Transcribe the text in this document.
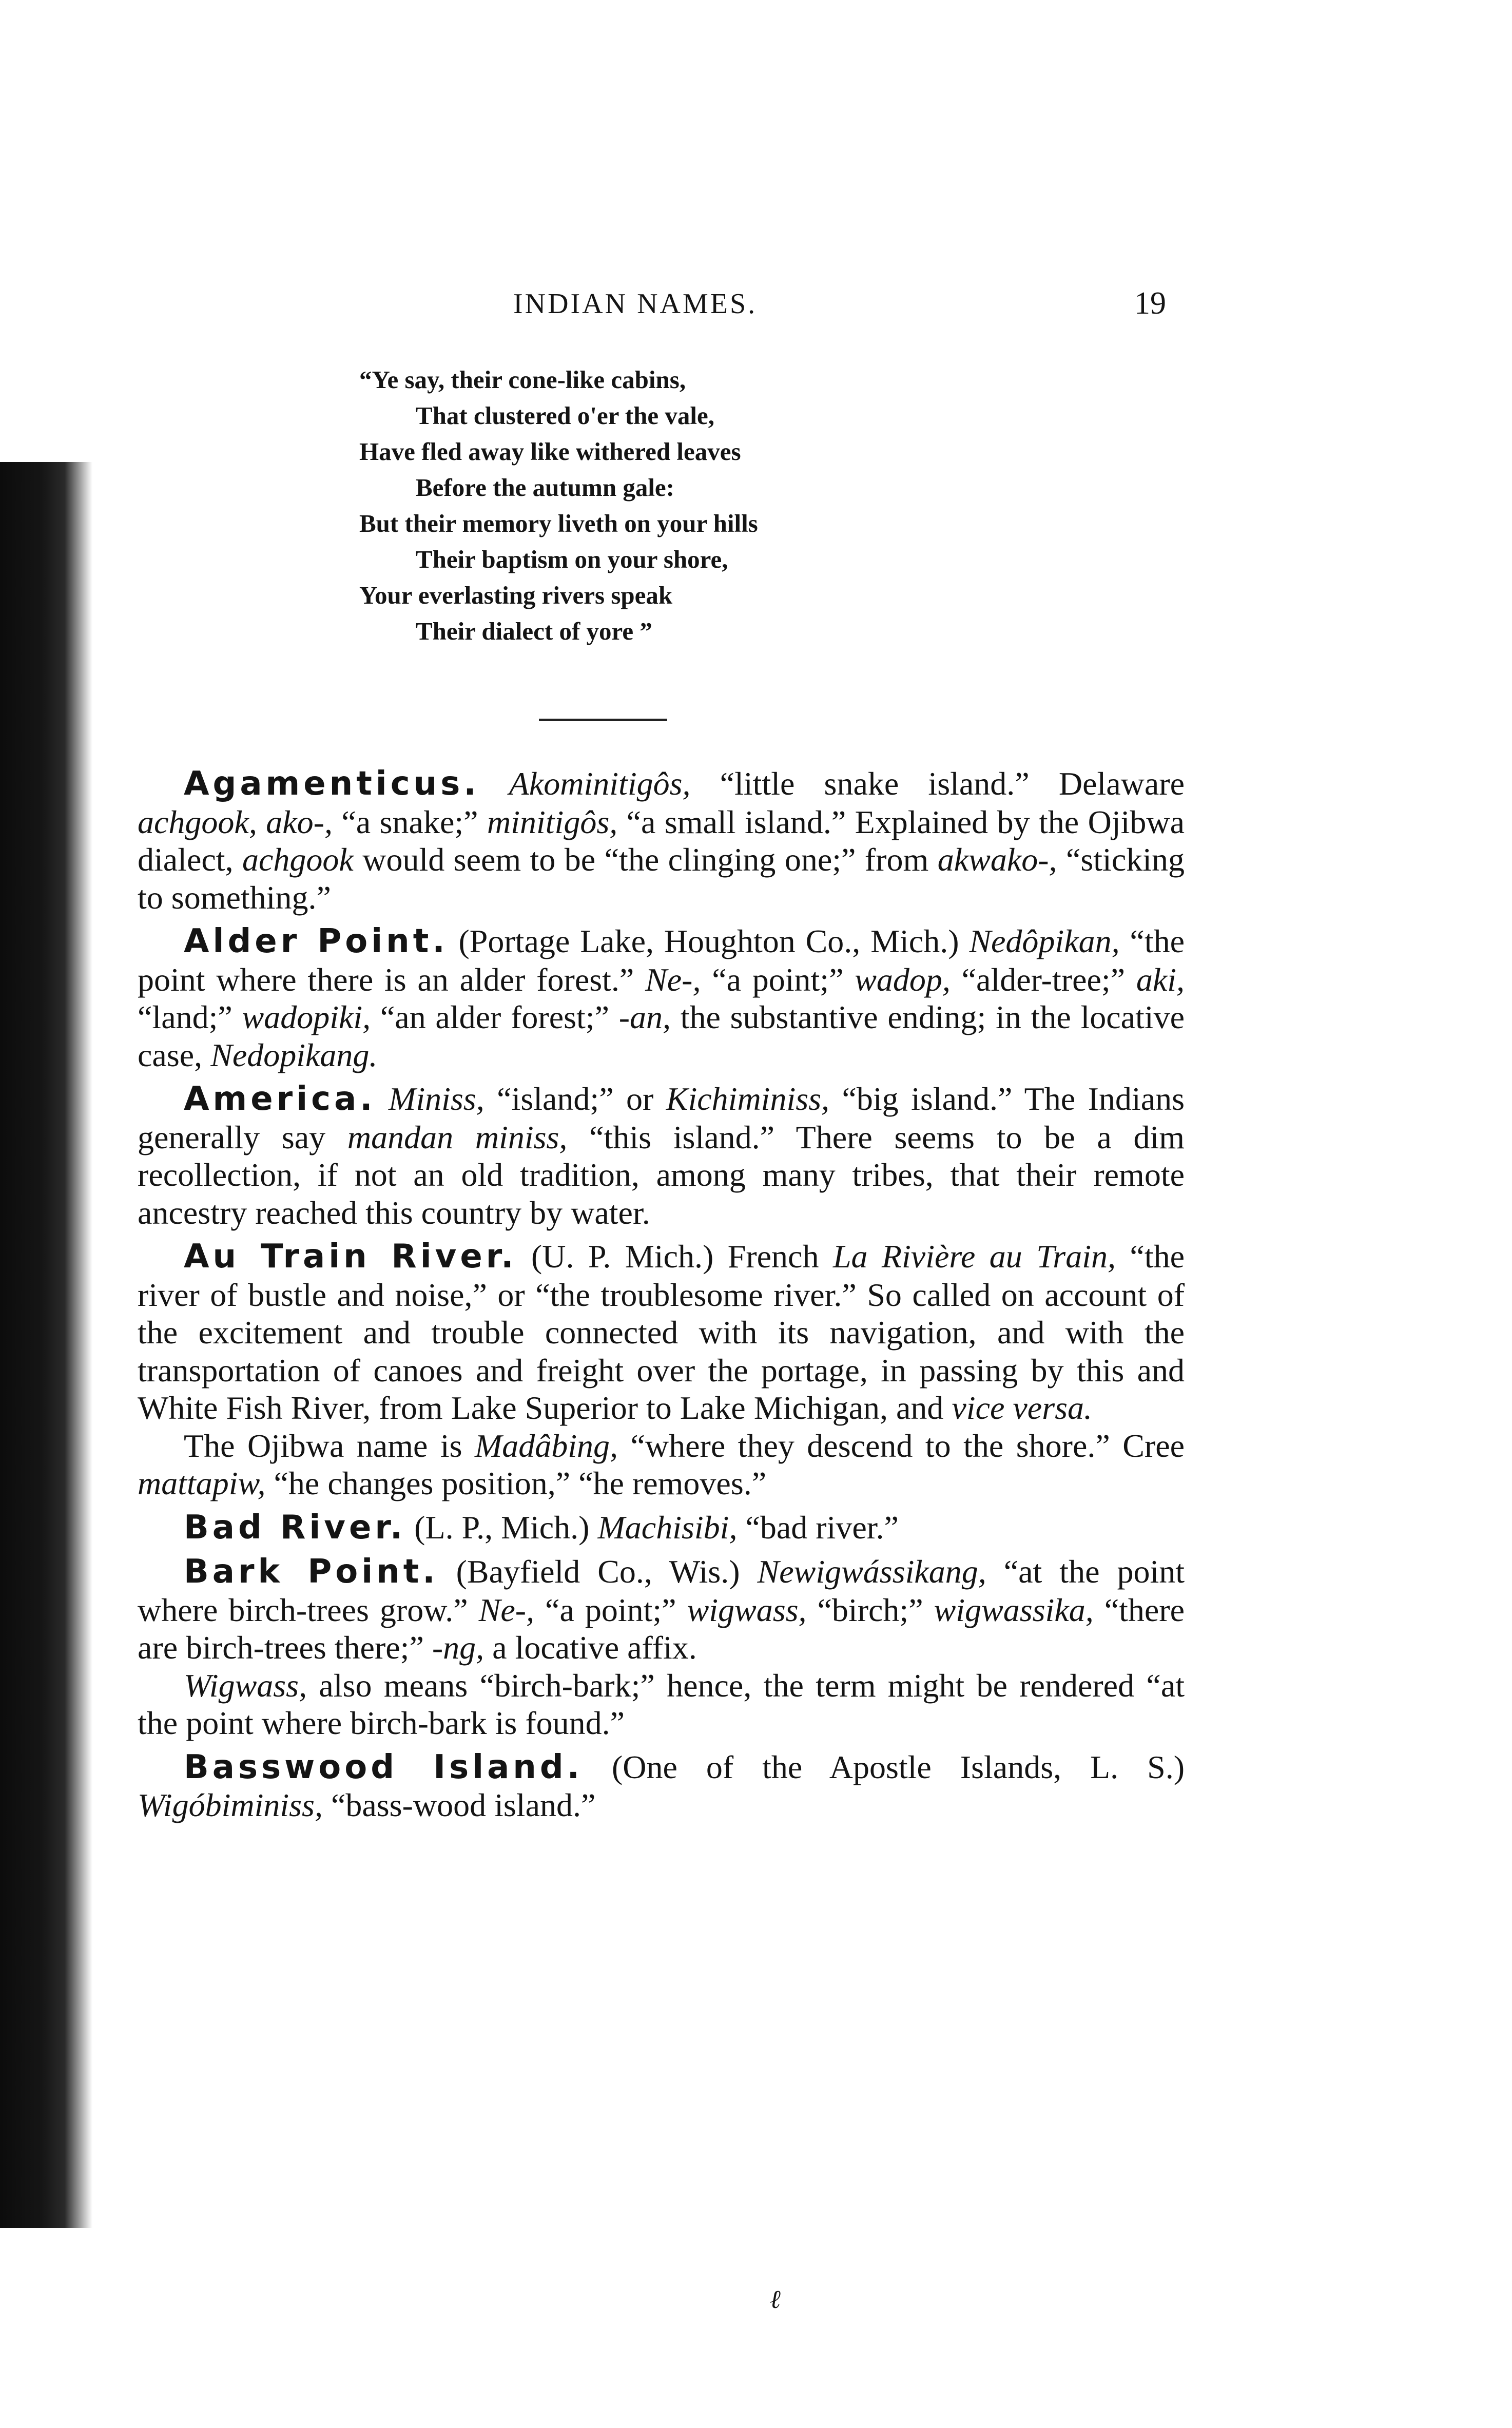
INDIAN NAMES.	19
“Ye say, their cone-like cabins,
That clustered o'er the vale,
Have fled away like withered leaves
Before the autumn gale:
But their memory liveth on your hills
Their baptism on your shore,
Your everlasting rivers speak
Their dialect of yore ”

Agamenticus. Akominitigôs, “little snake island.” Delaware achgook, ako-, “a snake;” minitigôs, “a small island.” Explained by the Ojibwa dialect, achgook would seem to be “the clinging one;” from akwako-, “sticking to something.”

Alder Point. (Portage Lake, Houghton Co., Mich.) Nedôpikan, “the point where there is an alder forest.” Ne-, “a point;” wadop, “alder-tree;” aki, “land;” wadopiki, “an alder forest;” -an, the substantive ending; in the locative case, Nedopikang.

America. Miniss, “island;” or Kichiminiss, “big island.” The Indians generally say mandan miniss, “this island.” There seems to be a dim recollection, if not an old tradition, among many tribes, that their remote ancestry reached this country by water.

Au Train River. (U. P. Mich.) French La Rivière au Train, “the river of bustle and noise,” or “the troublesome river.” So called on account of the excitement and trouble connected with its navigation, and with the transportation of canoes and freight over the portage, in passing by this and White Fish River, from Lake Superior to Lake Michigan, and vice versa.

The Ojibwa name is Madâbing, “where they descend to the shore.” Cree mattapiw, “he changes position,” “he removes.”

Bad River. (L. P., Mich.) Machisibi, “bad river.”

Bark Point. (Bayfield Co., Wis.) Newigwássikang, “at the point where birch-trees grow.” Ne-, “a point;” wigwass, “birch;” wigwassika, “there are birch-trees there;” -ng, a locative affix.

Wigwass, also means “birch-bark;” hence, the term might be rendered “at the point where birch-bark is found.”

Basswood Island. (One of the Apostle Islands, L. S.) Wigóbiminiss, “bass-wood island.”

ℓ
